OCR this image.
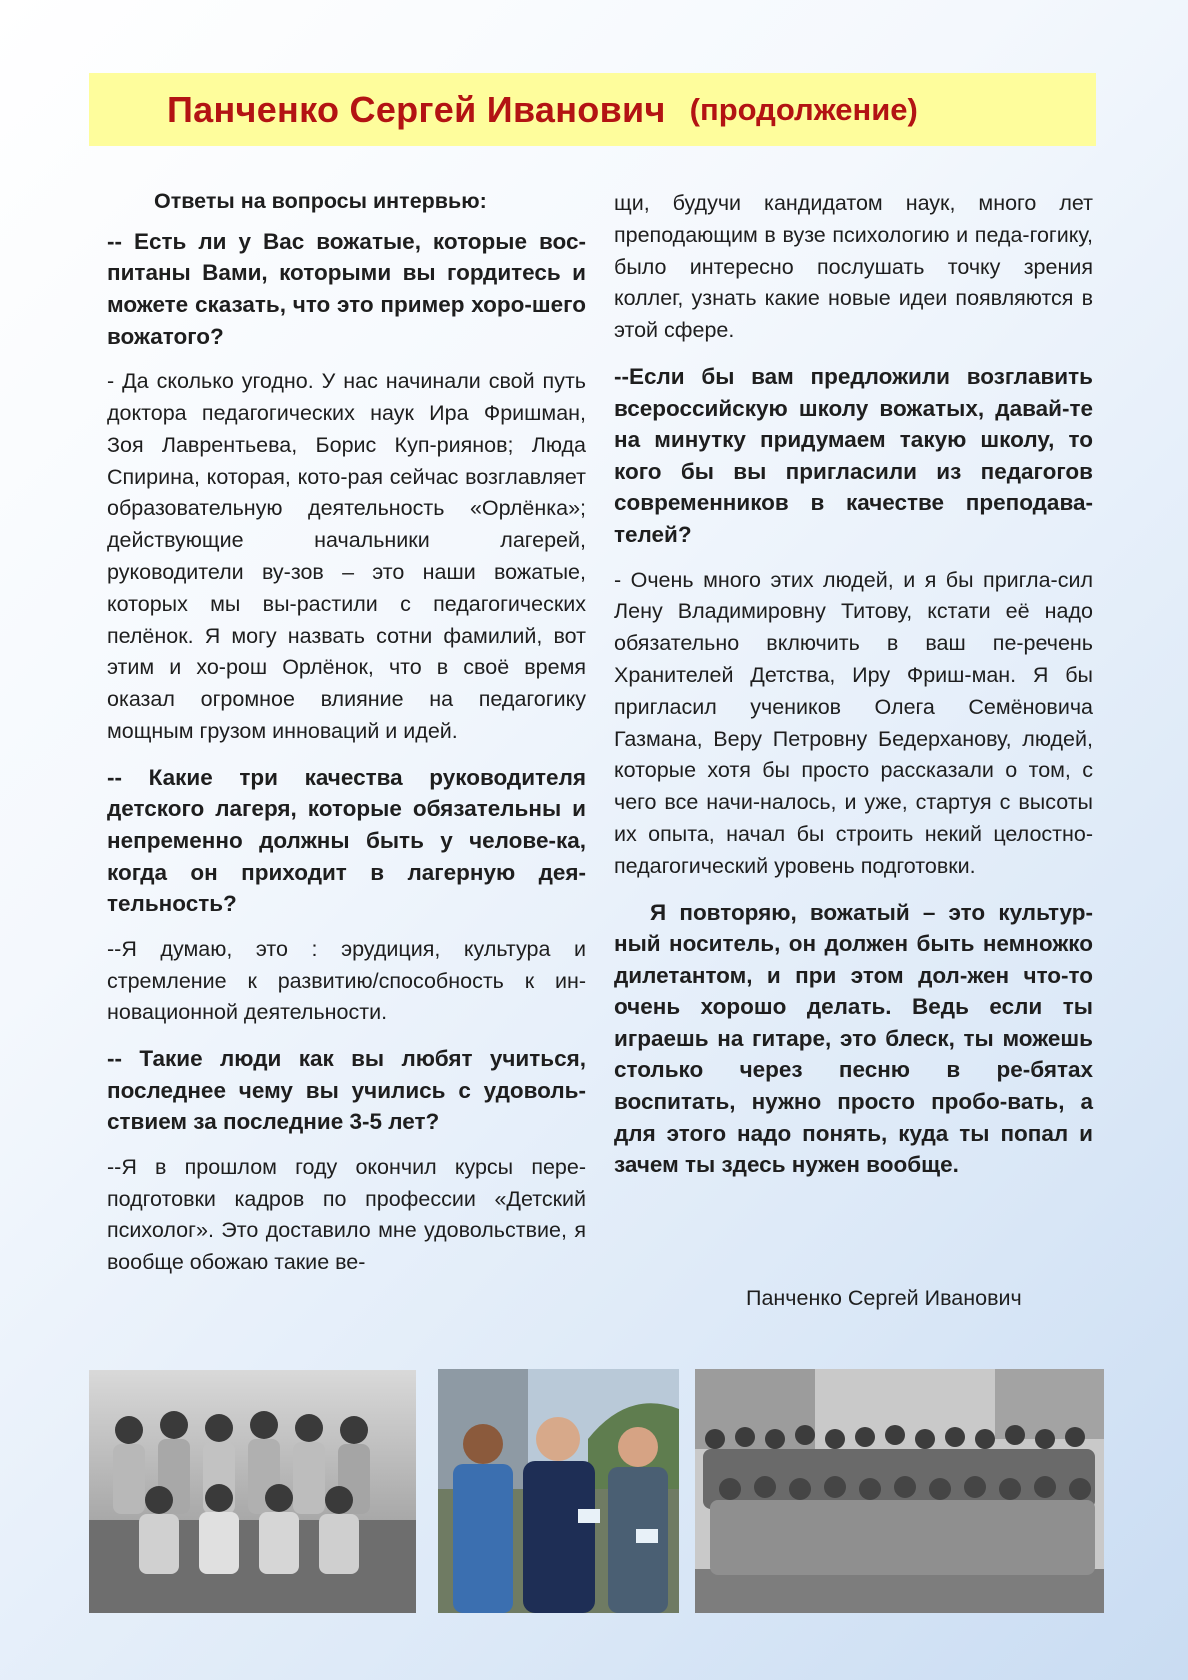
Панченко Сергей Иванович (продолжение)

Ответы на вопросы интервью:

-- Есть ли у Вас вожатые, которые вос-питаны Вами, которыми вы гордитесь и можете сказать, что это пример хоро-шего вожатого?

- Да сколько угодно. У нас начинали свой путь доктора педагогических наук Ира Фришман, Зоя Лаврентьева, Борис Куп-риянов; Люда Спирина, которая, кото-рая сейчас возглавляет образовательную деятельность «Орлёнка»; действующие начальники лагерей, руководители ву-зов – это наши вожатые, которых мы вы-растили с педагогических пелёнок. Я могу назвать сотни фамилий, вот этим и хо-рош Орлёнок, что в своё время оказал огромное влияние на педагогику мощным грузом инноваций и идей.

-- Какие три качества руководителя детского лагеря, которые обязательны и непременно должны быть у челове-ка, когда он приходит в лагерную дея-тельность?

--Я думаю, это : эрудиция, культура и стремление к развитию/способность к ин-новационной деятельности.

-- Такие люди как вы любят учиться, последнее чему вы учились с удоволь-ствием за последние 3-5 лет?

--Я в прошлом году окончил курсы пере-подготовки кадров по профессии «Детский психолог». Это доставило мне удовольствие, я вообще обожаю такие ве-

щи, будучи кандидатом наук, много лет преподающим в вузе психологию и педа-гогику, было интересно послушать точку зрения коллег, узнать какие новые идеи появляются в этой сфере.

--Если бы вам предложили возглавить всероссийскую школу вожатых, давай-те на минутку придумаем такую школу, то кого бы вы пригласили из педагогов современников в качестве преподава-телей?

- Очень много этих людей, и я бы пригла-сил Лену Владимировну Титову, кстати её надо обязательно включить в ваш пе-речень Хранителей Детства, Иру Фриш-ман. Я бы пригласил учеников Олега Семёновича Газмана, Веру Петровну Бедерханову, людей, которые хотя бы просто рассказали о том, с чего все начи-налось, и уже, стартуя с высоты их опыта, начал бы строить некий целостно-педагогический уровень подготовки.

Я повторяю, вожатый – это культур-ный носитель, он должен быть немножко дилетантом, и при этом дол-жен что-то очень хорошо делать. Ведь если ты играешь на гитаре, это блеск, ты можешь столько через песню в ре-бятах воспитать, нужно просто пробо-вать, а для этого надо понять, куда ты попал и зачем ты здесь нужен вообще.

Панченко Сергей Иванович
